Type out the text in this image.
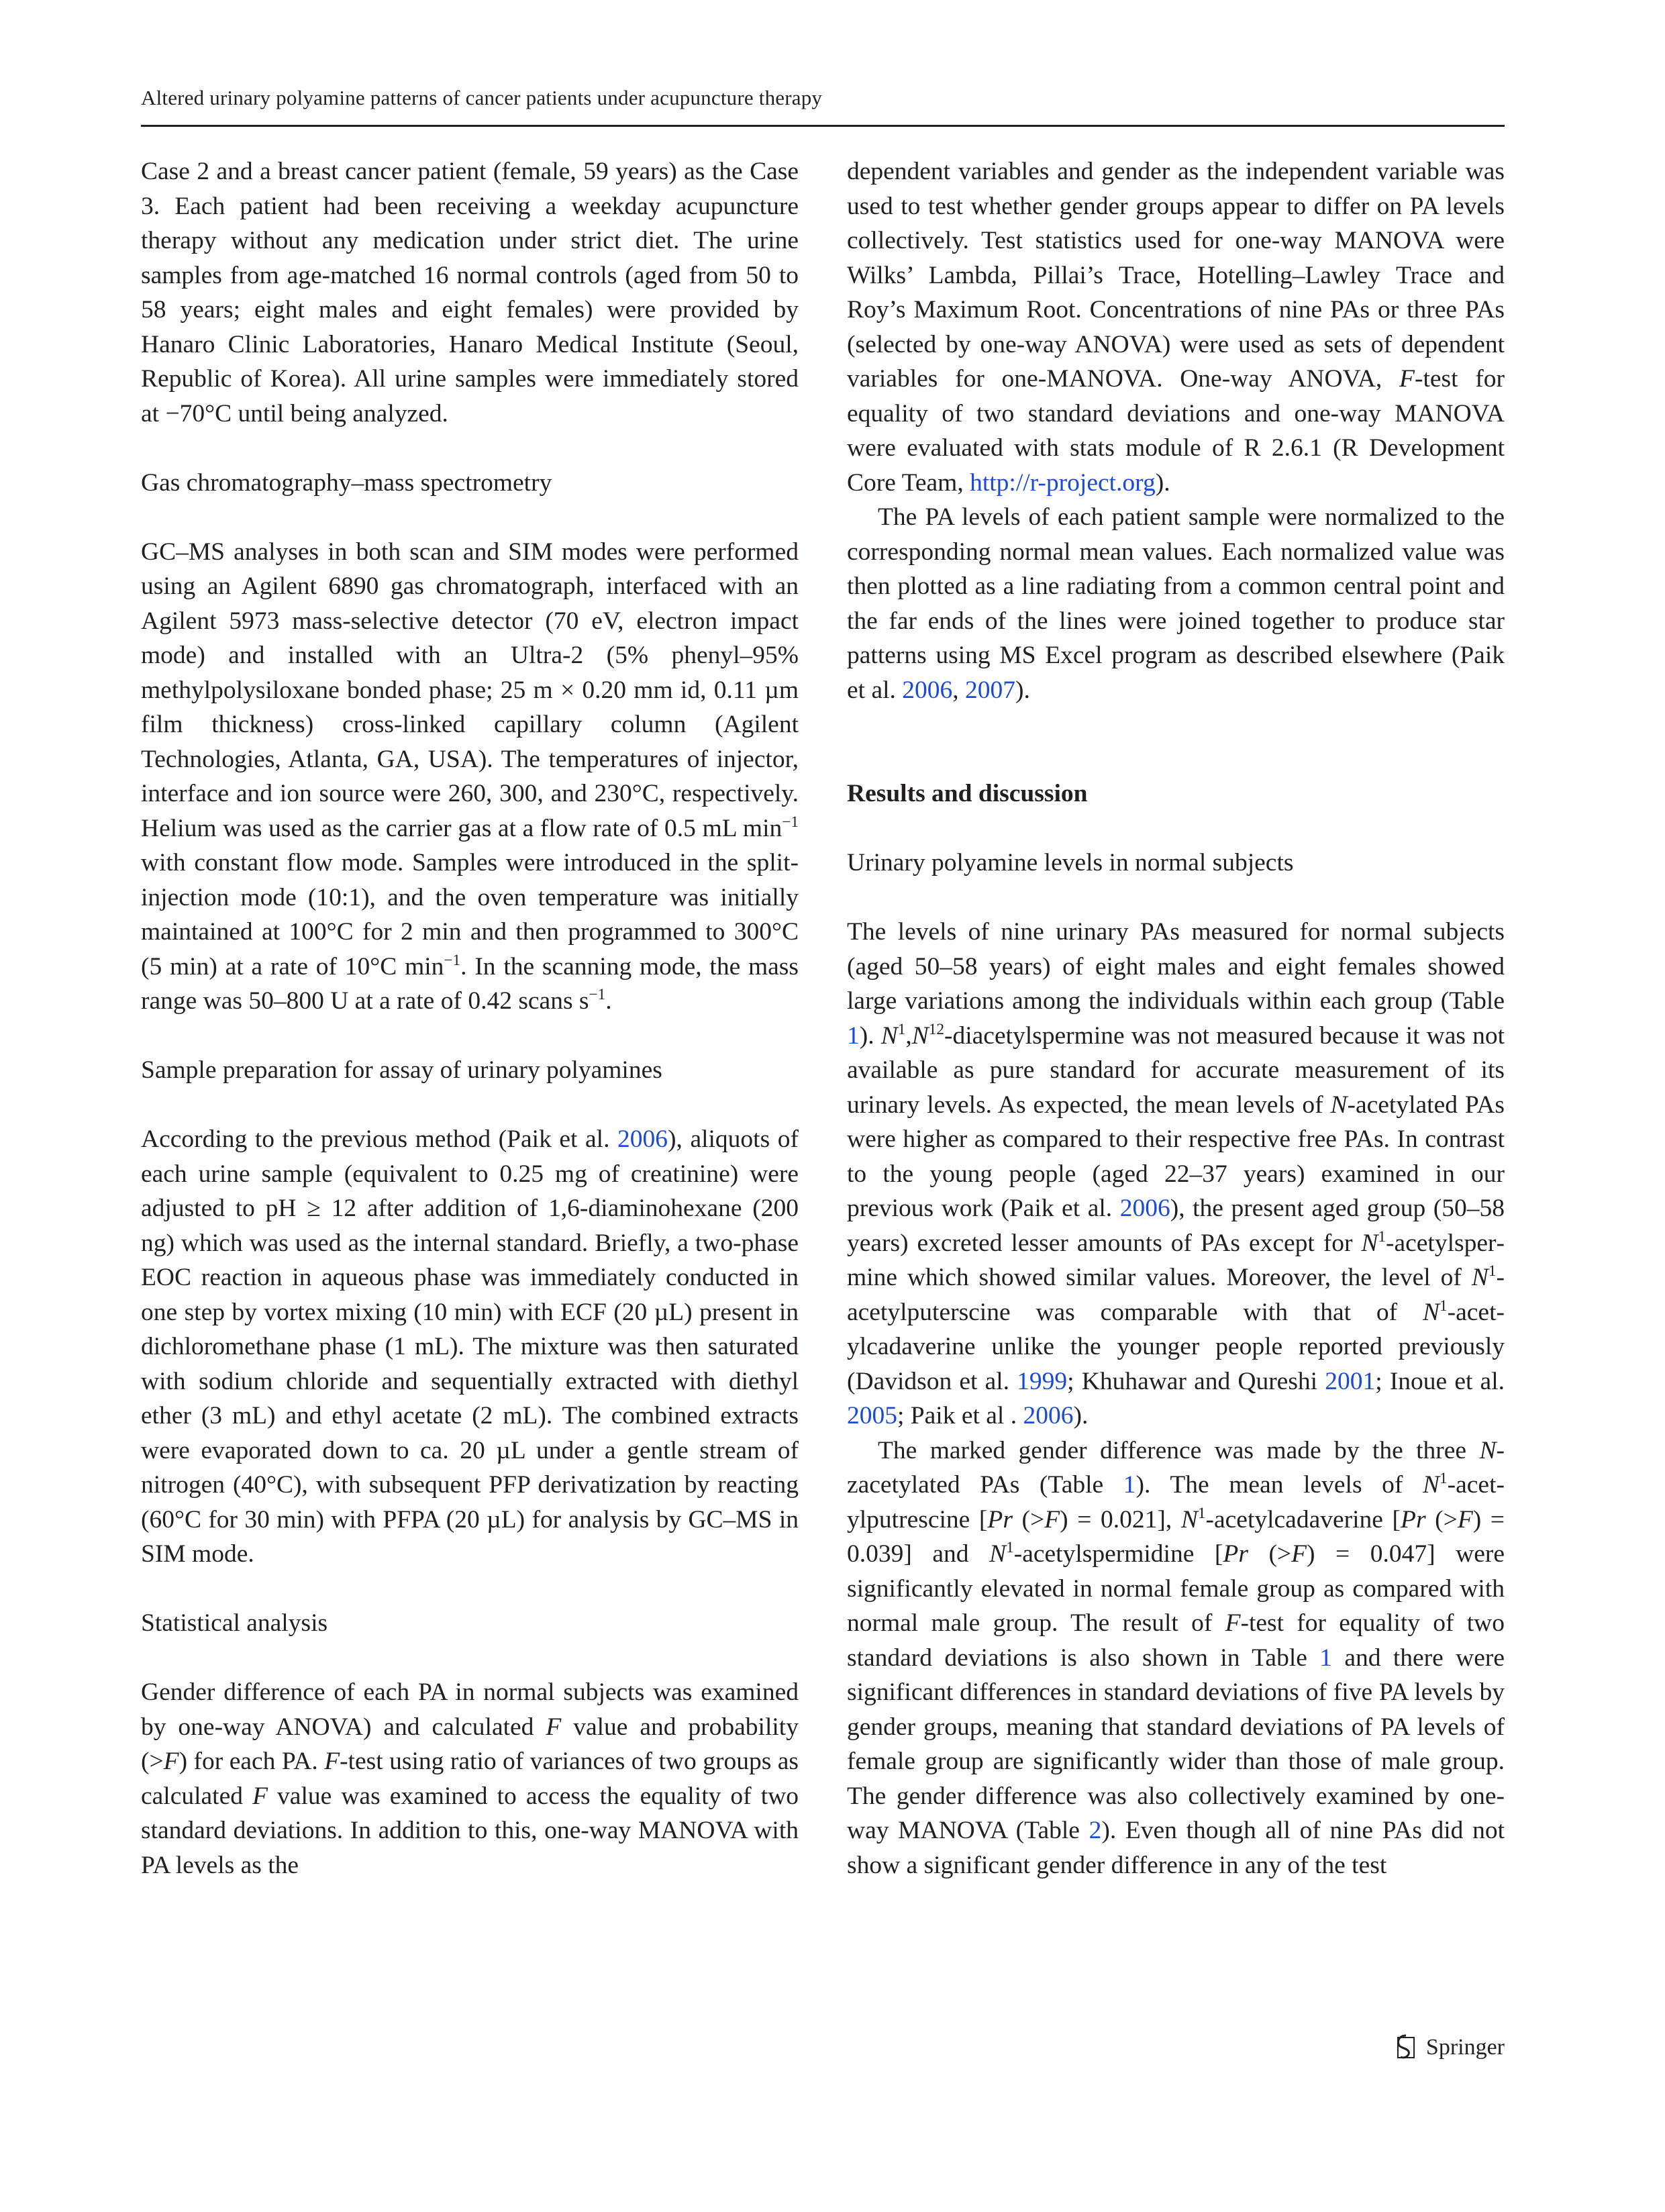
Altered urinary polyamine patterns of cancer patients under acupuncture therapy

Case 2 and a breast cancer patient (female, 59 years) as the Case 3. Each patient had been receiving a weekday acupuncture therapy without any medication under strict diet. The urine samples from age-matched 16 normal controls (aged from 50 to 58 years; eight males and eight females) were provided by Hanaro Clinic Laboratories, Hanaro Medical Institute (Seoul, Republic of Korea). All urine samples were immediately stored at −70°C until being analyzed.

Gas chromatography–mass spectrometry

GC–MS analyses in both scan and SIM modes were performed using an Agilent 6890 gas chromatograph, interfaced with an Agilent 5973 mass-selective detector (70 eV, electron impact mode) and installed with an Ultra-2 (5% phenyl–95% methylpolysiloxane bonded phase; 25 m × 0.20 mm id, 0.11 µm film thickness) cross-linked capillary column (Agilent Technologies, Atlanta, GA, USA). The temperatures of injector, interface and ion source were 260, 300, and 230°C, respectively. Helium was used as the carrier gas at a flow rate of 0.5 mL $\min^{-1}$ with constant flow mode. Samples were introduced in the split-injection mode (10:1), and the oven temperature was initially maintained at 100°C for 2 min and then programmed to 300°C (5 min) at a rate of 10°C $\min^{-1}$. In the scanning mode, the mass range was 50–800 U at a rate of 0.42 scans $s^{-1}$.

Sample preparation for assay of urinary polyamines

According to the previous method (Paik et al. 2006), aliquots of each urine sample (equivalent to 0.25 mg of creatinine) were adjusted to pH ≥ 12 after addition of 1,6-diaminohexane (200 ng) which was used as the internal standard. Briefly, a two-phase EOC reaction in aqueous phase was immediately conducted in one step by vortex mixing (10 min) with ECF (20 µL) present in dichloromethane phase (1 mL). The mixture was then saturated with sodium chloride and sequentially extracted with diethyl ether (3 mL) and ethyl acetate (2 mL). The combined extracts were evaporated down to ca. 20 µL under a gentle stream of nitrogen (40°C), with subsequent PFP derivatization by reacting (60°C for 30 min) with PFPA (20 µL) for analysis by GC–MS in SIM mode.

Statistical analysis

Gender difference of each PA in normal subjects was examined by one-way ANOVA) and calculated F value and probability (>F) for each PA. F-test using ratio of variances of two groups as calculated F value was examined to access the equality of two standard deviations. In addition to this, one-way MANOVA with PA levels as the

dependent variables and gender as the independent variable was used to test whether gender groups appear to differ on PA levels collectively. Test statistics used for one-way MANOVA were Wilks’ Lambda, Pillai’s Trace, Hotelling–Lawley Trace and Roy’s Maximum Root. Concentrations of nine PAs or three PAs (selected by one-way ANOVA) were used as sets of dependent variables for one-MANOVA. One-way ANOVA, F-test for equality of two standard deviations and one-way MANOVA were evaluated with stats module of R 2.6.1 (R Development Core Team, http://r-project.org).

The PA levels of each patient sample were normalized to the corresponding normal mean values. Each normalized value was then plotted as a line radiating from a common central point and the far ends of the lines were joined together to produce star patterns using MS Excel program as described elsewhere (Paik et al. 2006, 2007).

Results and discussion

Urinary polyamine levels in normal subjects

The levels of nine urinary PAs measured for normal subjects (aged 50–58 years) of eight males and eight females showed large variations among the individuals within each group (Table 1). $N^1,N^{12}$-diacetylspermine was not measured because it was not available as pure standard for accurate measurement of its urinary levels. As expected, the mean levels of N-acetylated PAs were higher as compared to their respective free PAs. In contrast to the young people (aged 22–37 years) examined in our previous work (Paik et al. 2006), the present aged group (50–58 years) excreted lesser amounts of PAs except for $N^1$-acetylspermine which showed similar values. Moreover, the level of $N^1$-acetylputerscine was comparable with that of $N^1$-acetylcadaverine unlike the younger people reported previously (Davidson et al. 1999; Khuhawar and Qureshi 2001; Inoue et al. 2005; Paik et al . 2006).

The marked gender difference was made by the three N-zacetylated PAs (Table 1). The mean levels of $N^1$-acetylputrescine [Pr (>F) = 0.021], $N^1$-acetylcadaverine [Pr (>F) = 0.039] and $N^1$-acetylspermidine [Pr (>F) = 0.047] were significantly elevated in normal female group as compared with normal male group. The result of F-test for equality of two standard deviations is also shown in Table 1 and there were significant differences in standard deviations of five PA levels by gender groups, meaning that standard deviations of PA levels of female group are significantly wider than those of male group. The gender difference was also collectively examined by one-way MANOVA (Table 2). Even though all of nine PAs did not show a significant gender difference in any of the test

Springer
